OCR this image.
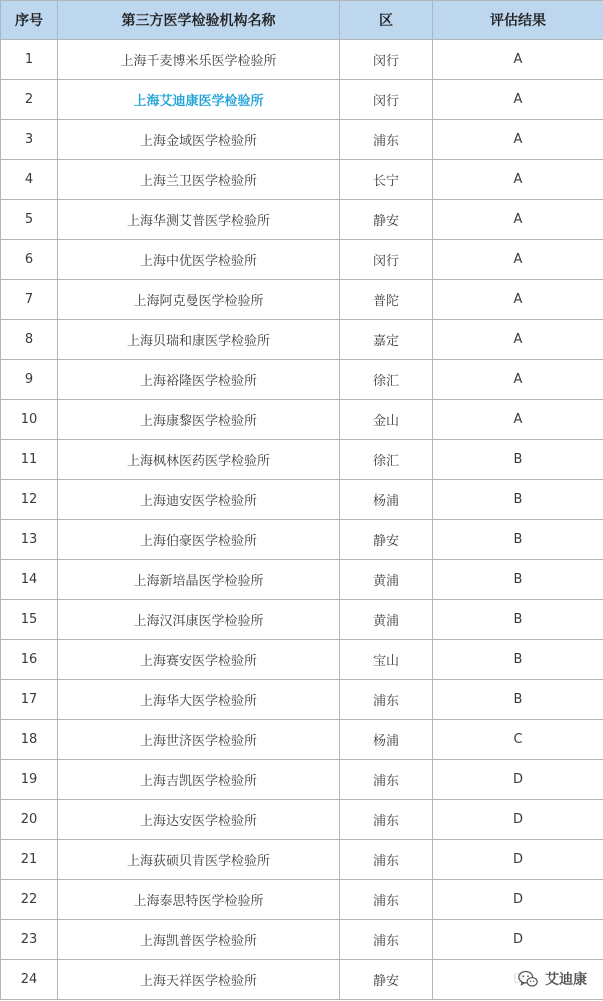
序号	第三方医学检验机构名称	区	评估结果
1	上海千麦博米乐医学检验所	闵行	A
2	上海艾迪康医学检验所	闵行	A
3	上海金域医学检验所	浦东	A
4	上海兰卫医学检验所	长宁	A
5	上海华测艾普医学检验所	静安	A
6	上海中优医学检验所	闵行	A
7	上海阿克曼医学检验所	普陀	A
8	上海贝瑞和康医学检验所	嘉定	A
9	上海裕隆医学检验所	徐汇	A
10	上海康黎医学检验所	金山	A
11	上海枫林医药医学检验所	徐汇	B
12	上海迪安医学检验所	杨浦	B
13	上海伯豪医学检验所	静安	B
14	上海新培晶医学检验所	黄浦	B
15	上海汉洱康医学检验所	黄浦	B
16	上海赛安医学检验所	宝山	B
17	上海华大医学检验所	浦东	B
18	上海世济医学检验所	杨浦	C
19	上海吉凯医学检验所	浦东	D
20	上海达安医学检验所	浦东	D
21	上海荻硕贝肯医学检验所	浦东	D
22	上海泰思特医学检验所	浦东	D
23	上海凯普医学检验所	浦东	D
24	上海天祥医学检验所	静安		艾迪康
